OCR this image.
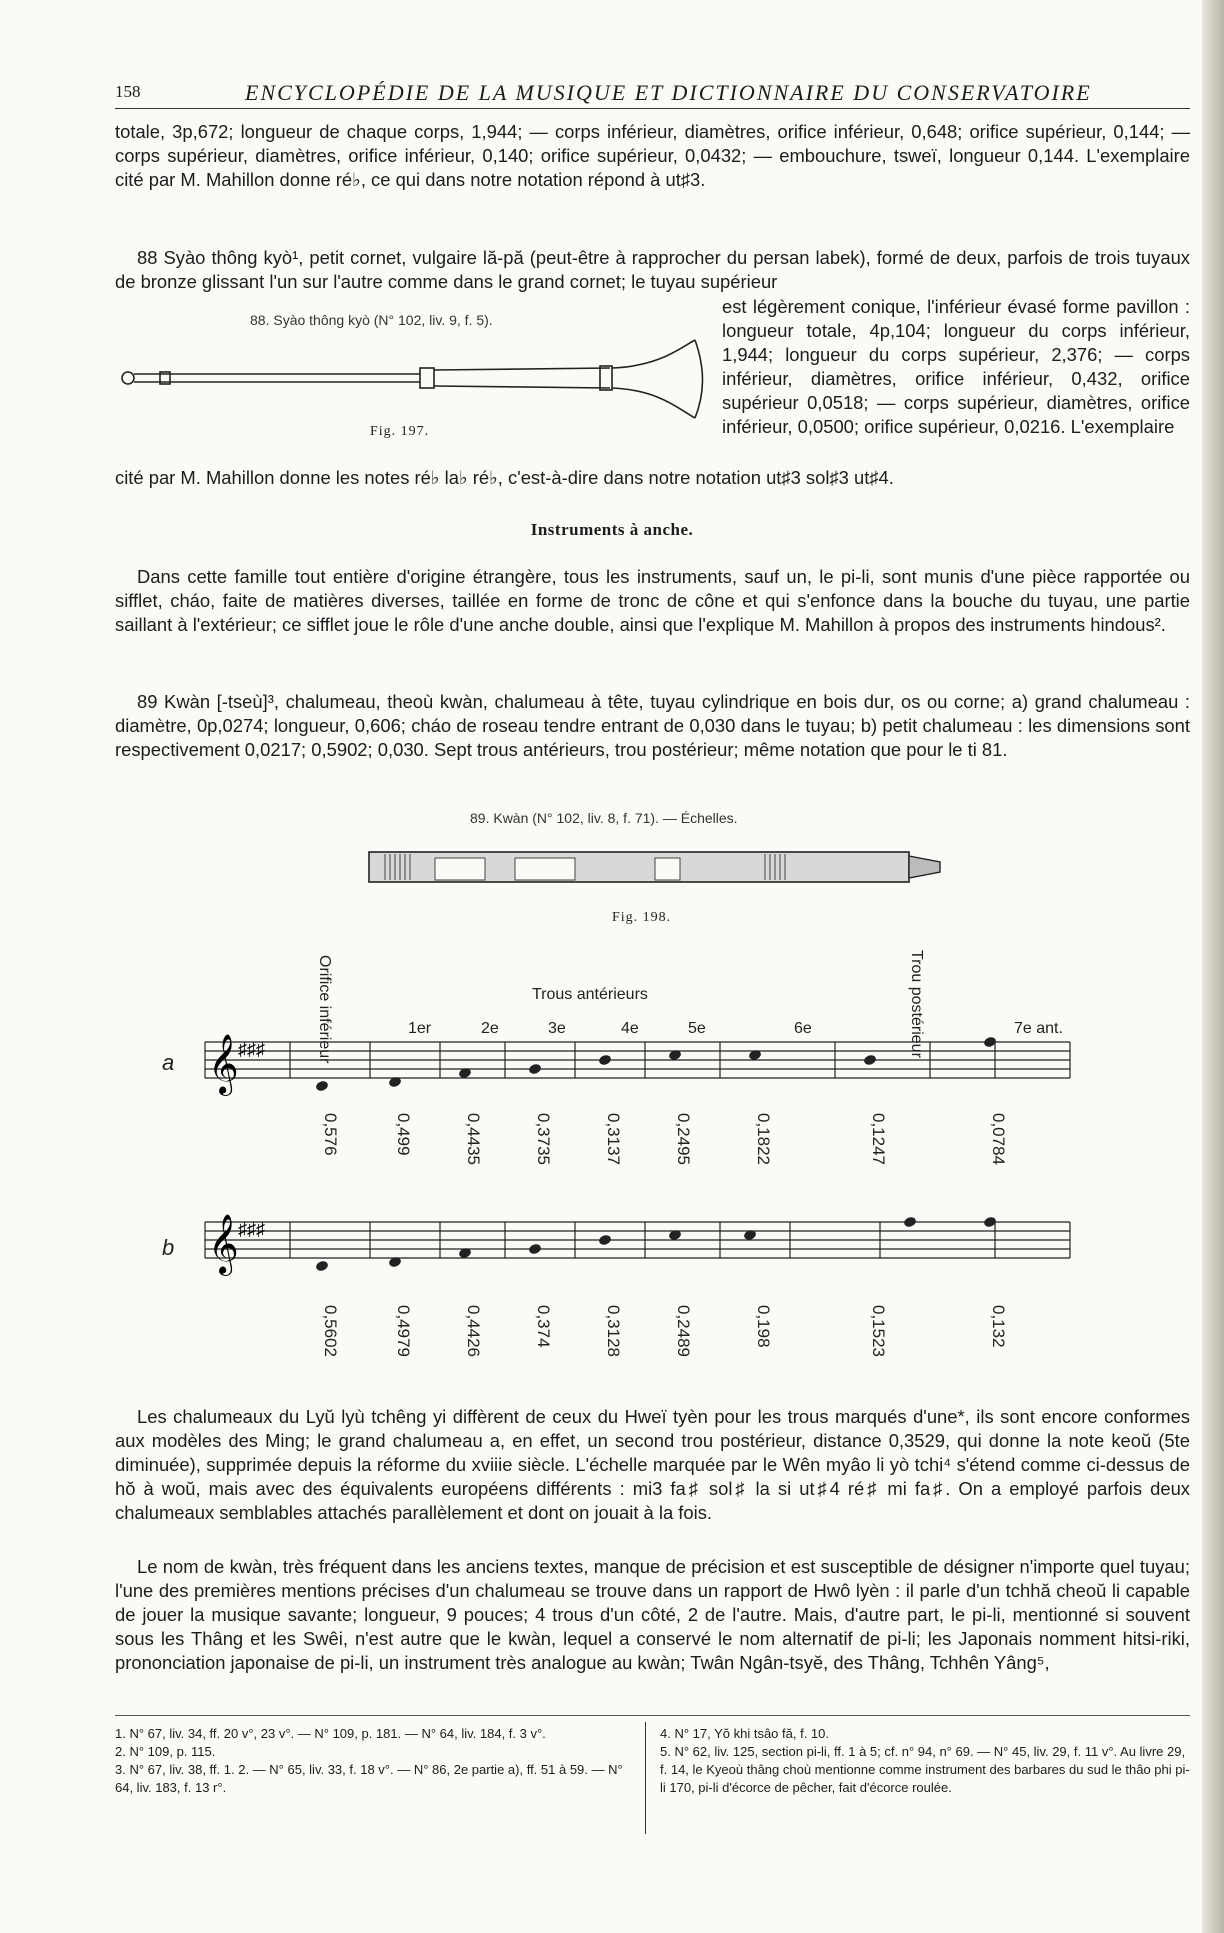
158	ENCYCLOPÉDIE DE LA MUSIQUE ET DICTIONNAIRE DU CONSERVATOIRE

totale, 3p,672; longueur de chaque corps, 1,944; — corps inférieur, diamètres, orifice inférieur, 0,648; orifice supérieur, 0,144; — corps supérieur, diamètres, orifice inférieur, 0,140; orifice supérieur, 0,0432; — embouchure, tsweï, longueur 0,144. L'exemplaire cité par M. Mahillon donne ré♭, ce qui dans notre notation répond à ut♯3.

88 Syào thông kyò¹, petit cornet, vulgaire lă-pă (peut-être à rapprocher du persan labek), formé de deux, parfois de trois tuyaux de bronze glissant l'un sur l'autre comme dans le grand cornet; le tuyau supérieur

88. Syào thông kyò (N° 102, liv. 9, f. 5).
Fig. 197.

est légèrement conique, l'inférieur évasé forme pavillon : longueur totale, 4p,104; longueur du corps inférieur, 1,944; longueur du corps supérieur, 2,376; — corps inférieur, diamètres, orifice inférieur, 0,432, orifice supérieur 0,0518; — corps supérieur, diamètres, orifice inférieur, 0,0500; orifice supérieur, 0,0216. L'exemplaire

cité par M. Mahillon donne les notes ré♭ la♭ ré♭, c'est-à-dire dans notre notation ut♯3 sol♯3 ut♯4.

Instruments à anche.

Dans cette famille tout entière d'origine étrangère, tous les instruments, sauf un, le pi-li, sont munis d'une pièce rapportée ou sifflet, cháo, faite de matières diverses, taillée en forme de tronc de cône et qui s'enfonce dans la bouche du tuyau, une partie saillant à l'extérieur; ce sifflet joue le rôle d'une anche double, ainsi que l'explique M. Mahillon à propos des instruments hindous².

89 Kwàn [-tseù]³, chalumeau, theoù kwàn, chalumeau à tête, tuyau cylindrique en bois dur, os ou corne; a) grand chalumeau : diamètre, 0p,0274; longueur, 0,606; cháo de roseau tendre entrant de 0,030 dans le tuyau; b) petit chalumeau : les dimensions sont respectivement 0,0217; 0,5902; 0,030. Sept trous antérieurs, trou postérieur; même notation que pour le ti 81.

89. Kwàn (N° 102, liv. 8, f. 71). — Échelles.
Fig. 198.
Orifice inférieur	Trou postérieur
Trous antérieurs
1er	2e	3e	4e	5e	6e	7e ant.
a
b
𝄞 ♯♯♯
𝄞 ♯♯♯
0,576	0,499	0,4435	0,3735	0,3137	0,2495	0,1822	0,1247	0,0784
0,5602	0,4979	0,4426	0,374	0,3128	0,2489	0,198	0,1523	0,132

Les chalumeaux du Lyŭ lyù tchêng yi diffèrent de ceux du Hweï tyèn pour les trous marqués d'une*, ils sont encore conformes aux modèles des Ming; le grand chalumeau a, en effet, un second trou postérieur, distance 0,3529, qui donne la note keoŭ (5te diminuée), supprimée depuis la réforme du xviiie siècle. L'échelle marquée par le Wên myâo li yò tchi⁴ s'étend comme ci-dessus de hŏ à woŭ, mais avec des équivalents européens différents : mi3 fa♯ sol♯ la si ut♯4 ré♯ mi fa♯. On a employé parfois deux chalumeaux semblables attachés parallèlement et dont on jouait à la fois.

Le nom de kwàn, très fréquent dans les anciens textes, manque de précision et est susceptible de désigner n'importe quel tuyau; l'une des premières mentions précises d'un chalumeau se trouve dans un rapport de Hwô lyèn : il parle d'un tchhă cheoŭ li capable de jouer la musique savante; longueur, 9 pouces; 4 trous d'un côté, 2 de l'autre. Mais, d'autre part, le pi-li, mentionné si souvent sous les Thâng et les Swêi, n'est autre que le kwàn, lequel a conservé le nom alternatif de pi-li; les Japonais nomment hitsi-riki, prononciation japonaise de pi-li, un instrument très analogue au kwàn; Twân Ngân-tsyĕ, des Thâng, Tchhên Yâng⁵,

1. N° 67, liv. 34, ff. 20 v°, 23 v°. — N° 109, p. 181. — N° 64, liv. 184, f. 3 v°.

2. N° 109, p. 115.

3. N° 67, liv. 38, ff. 1. 2. — N° 65, liv. 33, f. 18 v°. — N° 86, 2e partie a), ff. 51 à 59. — N° 64, liv. 183, f. 13 r°.

4. N° 17, Yŏ khi tsâo fă, f. 10.

5. N° 62, liv. 125, section pi-li, ff. 1 à 5; cf. n° 94, n° 69. — N° 45, liv. 29, f. 11 v°. Au livre 29, f. 14, le Kyeoù thâng choù mentionne comme instrument des barbares du sud le thâo phi pi-li 170, pi-li d'écorce de pêcher, fait d'écorce roulée.
